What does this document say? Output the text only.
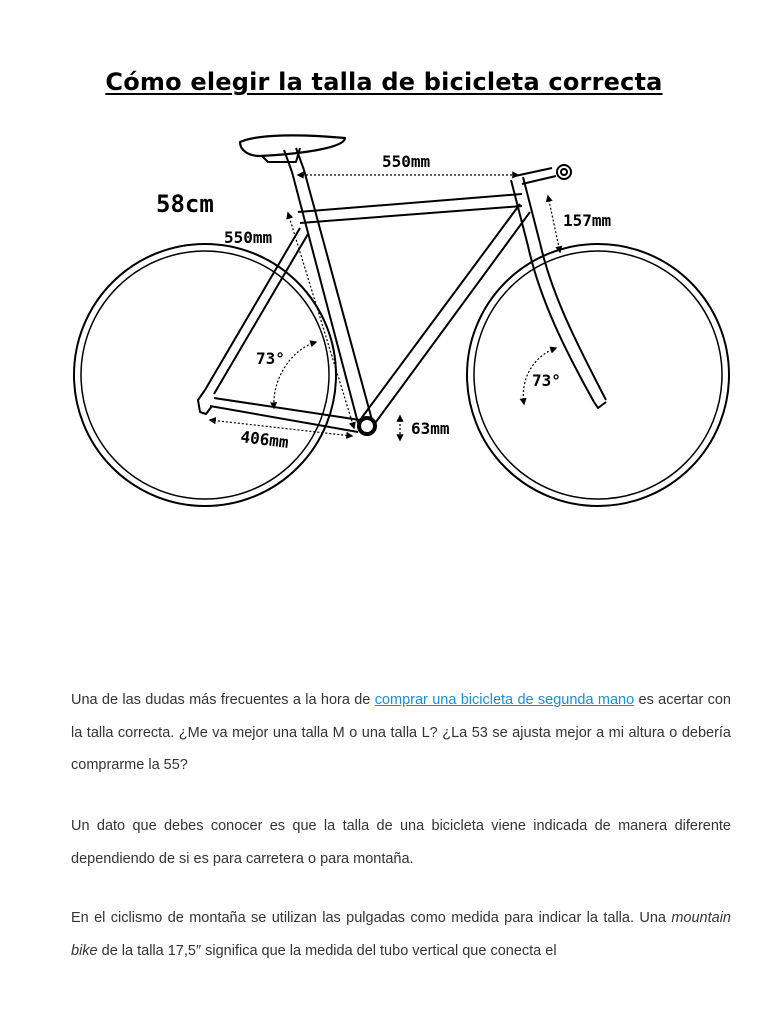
Cómo elegir la talla de bicicleta correcta
58cm
550mm
550mm
157mm
73°
73°
406mm	63mm

Una de las dudas más frecuentes a la hora de comprar una bicicleta de segunda mano es acertar con la talla correcta. ¿Me va mejor una talla M o una talla L? ¿La 53 se ajusta mejor a mi altura o debería comprarme la 55?

Un dato que debes conocer es que la talla de una bicicleta viene indicada de manera diferente dependiendo de si es para carretera o para montaña.

En el ciclismo de montaña se utilizan las pulgadas como medida para indicar la talla. Una mountain bike de la talla 17,5″ significa que la medida del tubo vertical que conecta el
